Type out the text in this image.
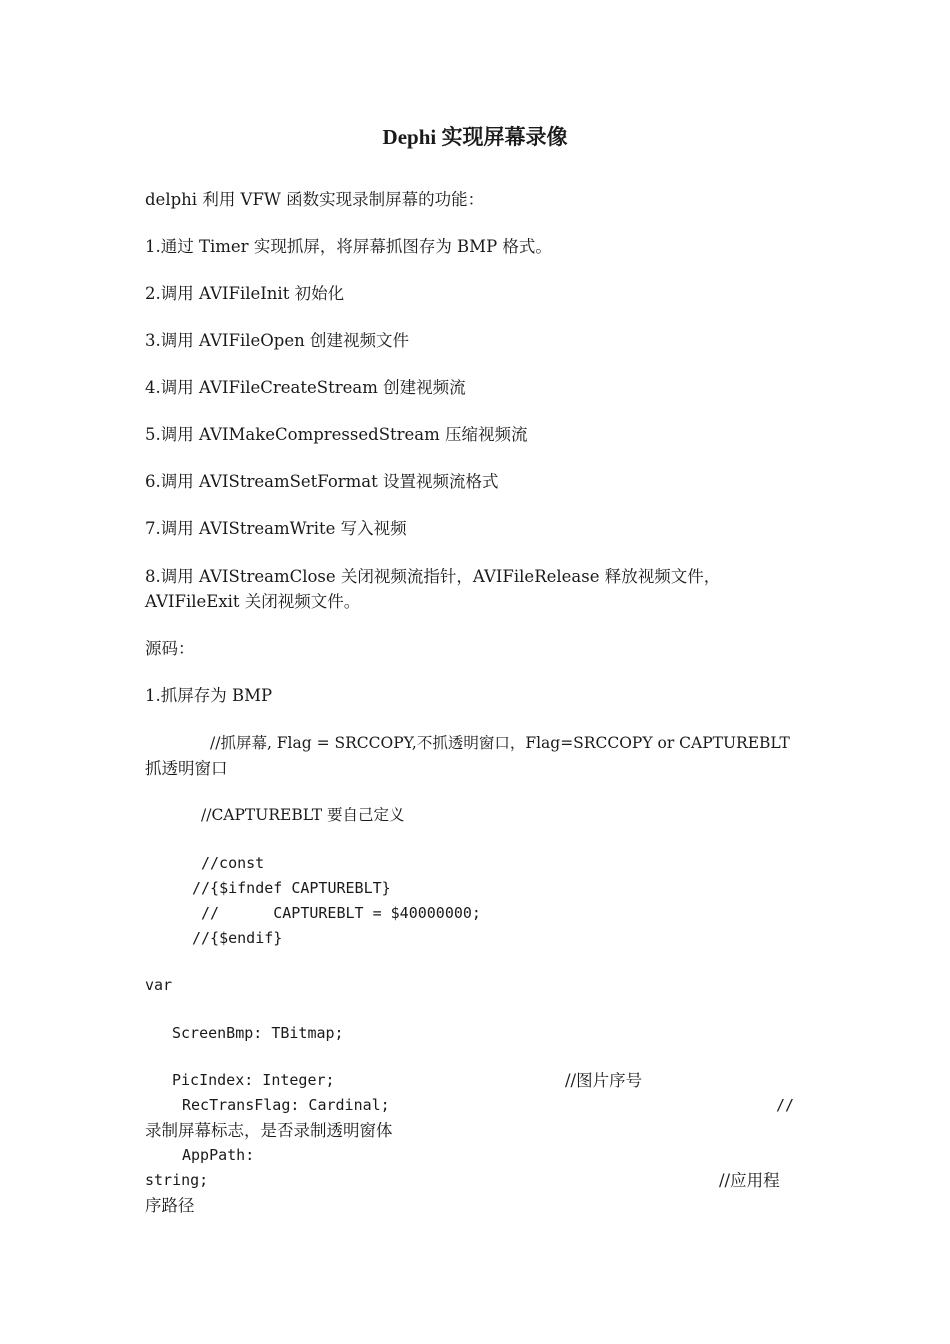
Dephi 实现屏幕录像
delphi 利用 VFW 函数实现录制屏幕的功能：
1.通过 Timer 实现抓屏，将屏幕抓图存为 BMP 格式。
2.调用 AVIFileInit 初始化
3.调用 AVIFileOpen 创建视频文件
4.调用 AVIFileCreateStream 创建视频流
5.调用 AVIMakeCompressedStream 压缩视频流
6.调用 AVIStreamSetFormat 设置视频流格式
7.调用 AVIStreamWrite 写入视频
8.调用 AVIStreamClose 关闭视频流指针，AVIFileRelease 释放视频文件，
AVIFileExit 关闭视频文件。
源码：
1.抓屏存为 BMP
//抓屏幕, Flag = SRCCOPY,不抓透明窗口，Flag=SRCCOPY or CAPTUREBLT
抓透明窗口
//CAPTUREBLT 要自己定义
//const
//{$ifndef CAPTUREBLT}
//      CAPTUREBLT = $40000000;
//{$endif}
var
ScreenBmp: TBitmap;
PicIndex: Integer;	//图片序号
RecTransFlag: Cardinal;	//
录制屏幕标志，是否录制透明窗体
AppPath:
string;	//应用程
序路径
